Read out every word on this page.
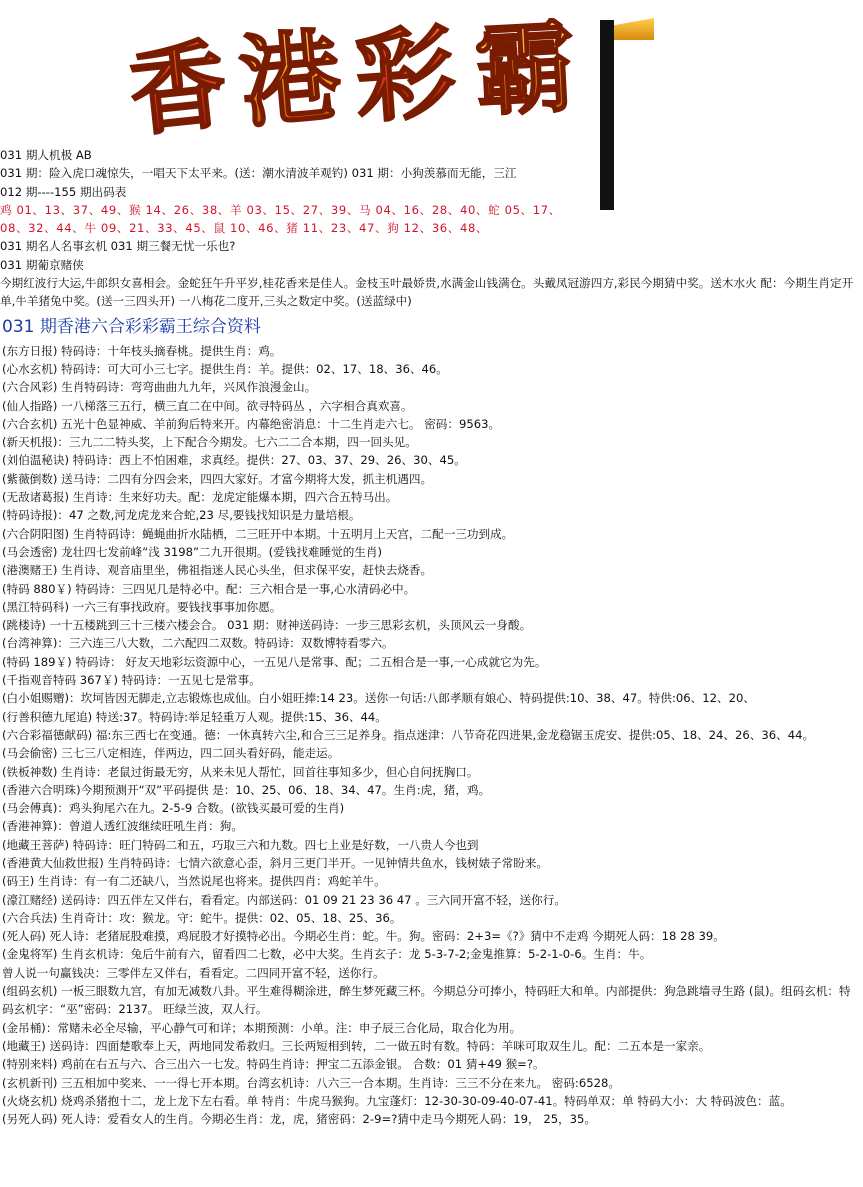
香 港 彩 霸
031 期人机极 AB
031 期：险入虎口魂惊失，一唱天下太平来。(送：潮水清波羊观钓) 031 期：小狗羡慕而无能，三江
012 期----155 期出码表
鸡 01、13、37、49、猴 14、26、38、羊 03、15、27、39、马 04、16、28、40、蛇 05、17、
08、32、44、牛 09、21、33、45、鼠 10、46、猪 11、23、47、狗 12、36、48、
031 期名人名事玄机 031 期三餐无忧一乐也?
031 期葡京赌侠
今期红波行大运,牛郎织女喜相会。金蛇狂午升平岁,桂花香来是佳人。金枝玉叶最娇贵,水满金山钱满仓。头戴凤冠游四方,彩民今期猜中奖。送木水火 配：今期生肖定开单,牛羊猪兔中奖。(送一三四头开) 一八梅花二度开,三头之数定中奖。(送蓝绿中)
031 期香港六合彩彩霸王综合资料
(东方日报) 特码诗：十年枝头摘春桃。提供生肖：鸡。
(心水玄机) 特码诗：可大可小三七字。提供生肖：羊。提供：02、17、18、36、46。
(六合风彩) 生肖特码诗：弯弯曲曲九九年，兴风作浪漫金山。
(仙人指路) 一八梯落三五行，横三直二在中间。欲寻特码丛 ，六字相合真欢喜。
(六合玄机) 五光十色显神威、羊前狗后特来开。内幕绝密消息：十二生肖走六七。 密码：9563。
(新天机报)：三九二二特头奖，上下配合今期发。七六二二合本期，四一回头见。
(刘伯温秘诀) 特码诗：西上不怕困难，求真经。提供：27、03、37、29、26、30、45。
(紫薇倒数) 送马诗：二四有分四会来，四四大家好。才富今期将大发，抓主机遇四。
(无敌诸葛报) 生肖诗：生来好功夫。配：龙虎定能爆本期，四六合五特马出。
(特码诗报)：47 之数,河龙虎龙来合蛇,23 尽,要钱找知识是力量培根。
(六合阴阳图) 生肖特码诗：蝇蝇曲折水陆栖，二三旺开中本期。十五明月上天宫，二配一三功到成。
(马会透密) 龙壮四七发前峰“浅 3198”二九开很期。(爱钱找难睡觉的生肖)
(港澳赌王) 生肖诗、观音庙里坐，佛祖指迷人民心头坐，但求保平安，赶快去烧香。
(特码 880￥) 特码诗：三四见几是特必中。配：三六相合是一事,心水清码必中。
(黑江特码科) 一六三有事找政府。要钱找事事加你愿。
(跳楼诗) 一十五楼跳到三十三楼六楼会合。 031 期：财神送码诗：一步三思彩玄机，头顶风云一身酸。
(台湾神算)：三六连三八大数，二六配四二双数。特码诗：双数博特看零六。
(特码 189￥) 特码诗： 好友天地彩坛资源中心，一五见八是常事、配；二五相合是一事,一心成就它为先。
(千指观音特码 367￥) 特码诗：一五见七是常事。
(白小姐赐赠)：坎坷皆因无脚走,立志锻炼也成仙。白小姐旺捧:14 23。送你一句话:八郎孝顺有娘心、特码提供:10、38、47。特供:06、12、20、
(行善积德九尾追) 特送:37。特码诗:举足轻重万人观。提供:15、36、44。
(六合彩福德献码) 福:东三西七在变通。德：一休真转六尘,和合三三足养身。指点迷津：八节奇花四进果,金龙稳锯玉虎安、提供:05、18、24、26、36、44。
(马会偷密) 三七三八定相连，伴两边，四二回头看好码，能走运。
(铁板神数) 生肖诗：老鼠过街最无穷，从来未见人帮忙，回首往事知多少，但心自问抚胸口。
(香港六合明珠)今期预测开“双”平码提供 是：10、25、06、18、34、47。生肖:虎，猪，鸡。
(马会傅真)：鸡头狗尾六在九。2-5-9 合数。(欲钱买最可爱的生肖)
(香港神算)：曾道人透红波继续旺吼生肖：狗。
(地藏王菩萨) 特码诗：旺门特码二和五，巧取三六和九数。四七上业是好数，一八贵人今也到
(香港黄大仙救世报) 生肖特码诗：七情六欲意心歪，斜月三更门半开。一见钟情共鱼水，钱树婊子常盼来。
(码王) 生肖诗：有一有二还缺八，当然说尾也将来。提供四肖：鸡蛇羊牛。
(濠江赌经) 送码诗：四五伴左又伴右，看看定。内部送码：01 09 21 23 36 47 。三六同开富不轻，送你行。
(六合兵法) 生肖奇计：攻：猴龙。守：蛇牛。提供：02、05、18、25、36。
(死人码) 死人诗：老猪屁股难摸，鸡屁股才好摸特必出。今期必生肖：蛇。牛。狗。密码：2+3=《?》猜中不走鸡 今期死人码：18 28 39。
(金鬼将军) 生肖玄机诗：兔后牛前有六，留看四二七数，必中大奖。生肖玄子：龙 5-3-7-2;金鬼推算：5-2-1-0-6。生肖：牛。
曾人说一句赢钱决：三零伴左又伴右，看看定。二四同开富不轻，送你行。
(组码玄机) 一板三眼数九宫，有加无减数八卦。平生难得糊涂进，醉生梦死藏三杯。今期总分可捧小，特码旺大和单。内部提供：狗急跳墙寻生路 (鼠)。组码玄机：特码玄机字：“巫”密码：2137。 旺绿兰波，双人行。
(金吊桶)：常赌未必全尽输，平心静气可和详；本期预测：小单。注：申子辰三合化局，取合化为用。
(地藏王) 送码诗：四面楚歌奉上天，两地同发希救归。三长两短相到转，二一做五时有数。特码：羊咪可取双生儿。配：二五本是一家亲。
(特别来料) 鸡前在右五与六、合三出六一七发。特码生肖诗：押宝二五添金银。 合数：01 猜+49 猴=?。
(玄机新刊) 三五相加中奖来、一一得七开本期。台湾玄机诗：八六三一合本期。生肖诗：三三不分在来九。 密码:6528。
(火烧玄机) 烧鸡杀猪抱十二，龙上龙下左右看。单 特肖：牛虎马猴狗。九宝蓬灯：12-30-30-09-40-07-41。特码单双：单 特码大小：大 特码波色：蓝。
(另死人码) 死人诗：爱看女人的生肖。今期必生肖：龙，虎，猪密码：2-9=?猜中走马今期死人码：19， 25，35。
